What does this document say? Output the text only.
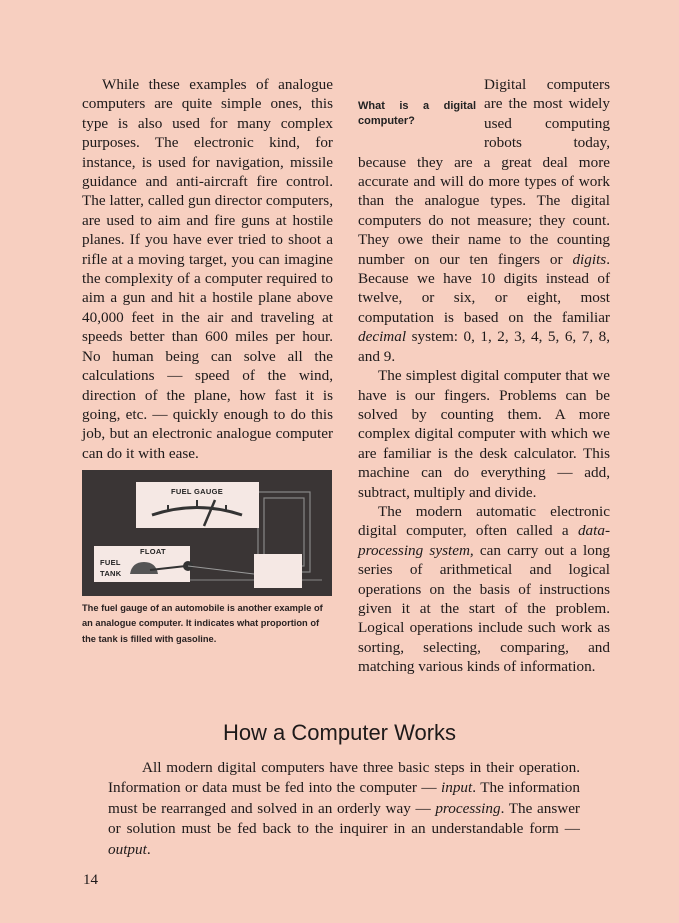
While these examples of analogue computers are quite simple ones, this type is also used for many complex purposes. The electronic kind, for instance, is used for navigation, missile guidance and anti-aircraft fire control. The latter, called gun director computers, are used to aim and fire guns at hostile planes. If you have ever tried to shoot a rifle at a moving target, you can imagine the complexity of a computer required to aim a gun and hit a hostile plane above 40,000 feet in the air and traveling at speeds better than 600 miles per hour. No human being can solve all the calculations — speed of the wind, direction of the plane, how fast it is going, etc. — quickly enough to do this job, but an electronic analogue computer can do it with ease.

FUEL GAUGE
FUEL
TANK
FLOAT
The fuel gauge of an automobile is another example of an analogue computer. It indicates what proportion of the tank is filled with gasoline.

What is a digital computer?
Digital computers are the most widely used computing robots today, because they are a great deal more accurate and will do more types of work than the analogue types. The digital computers do not measure; they count. They owe their name to the counting number on our ten fingers or digits. Because we have 10 digits instead of twelve, or six, or eight, most computation is based on the familiar decimal system: 0, 1, 2, 3, 4, 5, 6, 7, 8, and 9.

The simplest digital computer that we have is our fingers. Problems can be solved by counting them. A more complex digital computer with which we are familiar is the desk calculator. This machine can do everything — add, subtract, multiply and divide.

The modern automatic electronic digital computer, often called a data-processing system, can carry out a long series of arithmetical and logical operations on the basis of instructions given it at the start of the problem. Logical operations include such work as sorting, selecting, comparing, and matching various kinds of information.

How a Computer Works

All modern digital computers have three basic steps in their operation. Information or data must be fed into the computer — input. The information must be rearranged and solved in an orderly way — processing. The answer or solution must be fed back to the inquirer in an understandable form — output.

14
